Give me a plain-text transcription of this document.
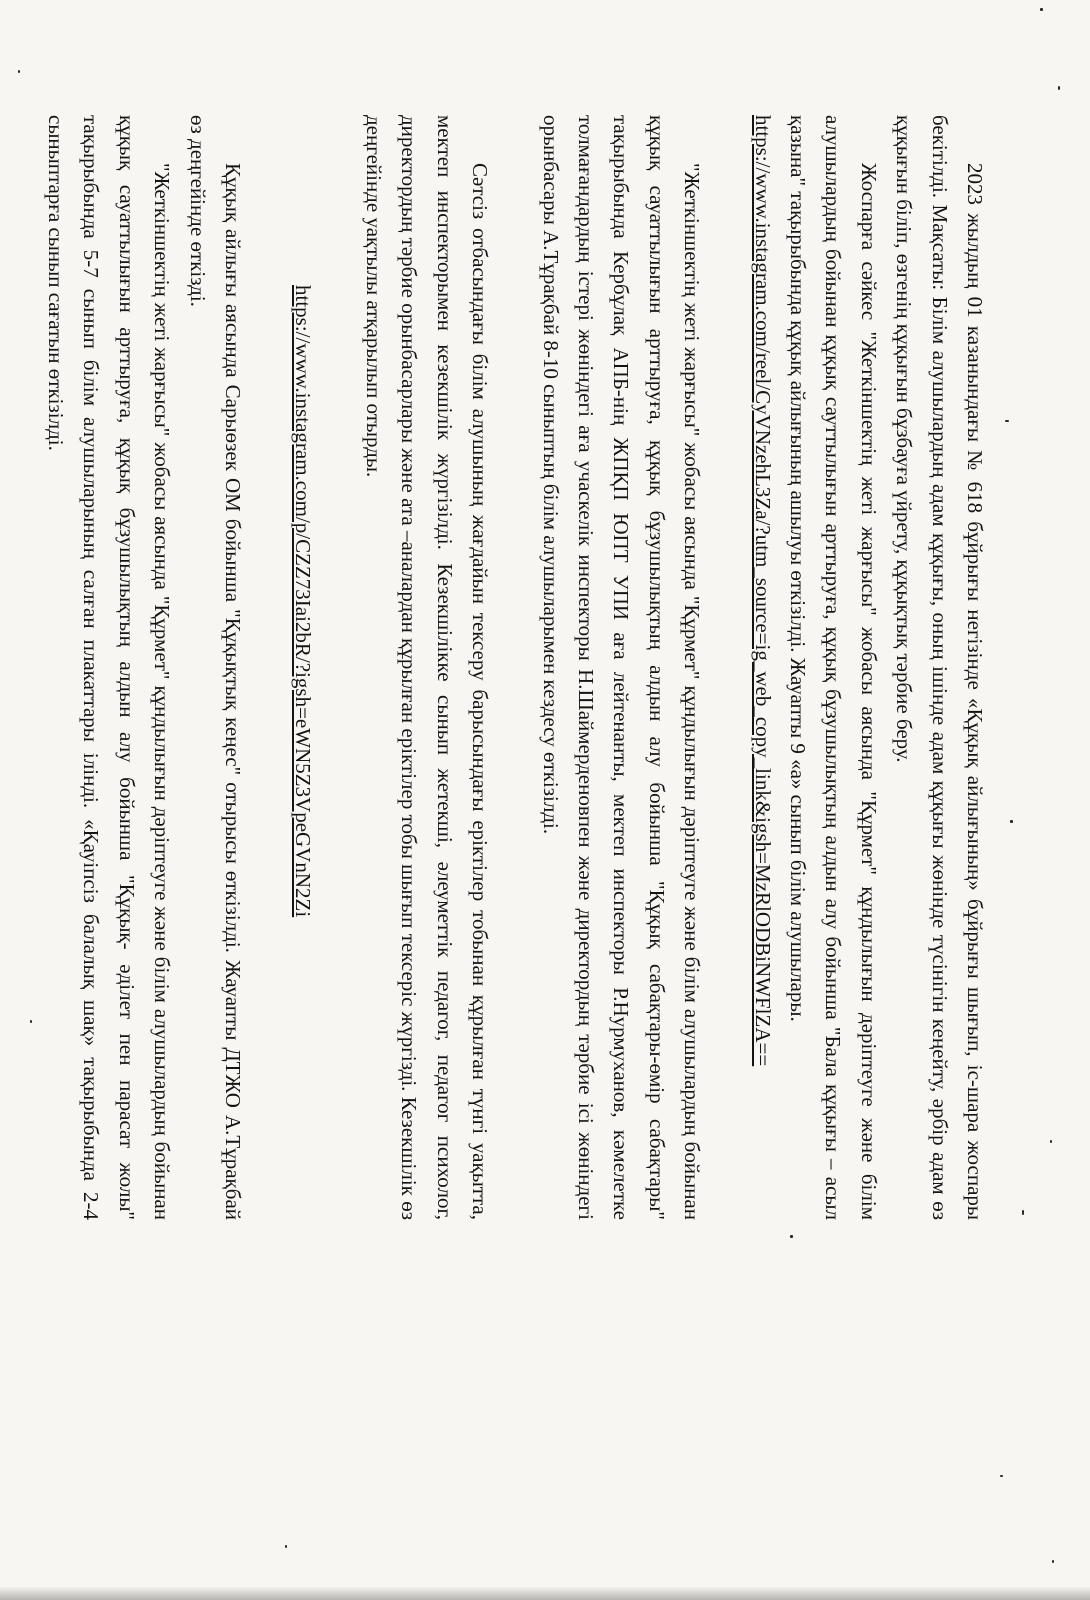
2023 жылдың 01 казанындағы № 618 бұйрығы негізінде «Құқық айлығының» бұйрығы шығып, іс-шара жоспары бекітілді. Мақсаты: Білім алушылардың адам құқығы, оның ішінде адам құқығы жөнінде түсінігін кеңейту, әрбір адам өз құқығын біліп, өзгенің құқығын бұзбауға үйрету, құқықтық тәрбие беру.

Жоспарға сәйкес "Жеткіншектің жеті жарғысы" жобасы аясында "Құрмет" құндылығын дәріптеуге және білім алушылардың бойынан құқық сауттылығын арттыруға, құқық бұзушылықтың алдын алу бойынша "Бала құқығы – асыл қазына" тақырыбында құқық айлығының ашылуы өткізілді. Жауапты 9 «а» сынып білім алушылары.

https://www.instagram.com/reel/CyVNzehL3Za/?utm_source=ig_web_copy_link&igsh=MzRlODBiNWFlZA==

"Жеткіншектің жеті жарғысы" жобасы аясында "Құрмет" құндылығын дәріптеуге және білім алушылардың бойынан құқық сауаттылығын арттыруға, құқық бұзушылықтың алдын алу бойынша "Құқық сабақтары-өмір сабақтары" тақырыбында Кербұлақ АПБ-нің ЖПҚП ЮПТ УПИ аға лейтенанты, мектеп инспекторы Р.Нурмуханов, кәмелетке толмағандардың істері жөніндегі аға учаскелік инспекторы Н.Шаймерденовпен және директордың тәрбие ісі жөніндегі орынбасары А.Тұрақбай 8-10 сыныптың білім алушыларымен кездесу өткізілді.

Сәтсіз отбасындағы білім алушының жағдайын тексеру барысындағы еріктілер тобынан құрылған түнгі уақытта, мектеп инспекторымен кезекшілік жүргізілді. Кезекшілікке сынып жетекші, әлеуметтік педагог, педагог психолог, директордың тәрбие орынбасарлары және ата –аналардан құрылған еріктілер тобы шығып тексеріс жүргізді. Кезекшілік өз деңгейінде уақтылы атқарылып отырды.

https://www.instagram.com/p/CZZ73Iai2bR/?igsh=eWN5Z3VpeGVnN2Zi

Құқық айлығы аясында Сарыөзек ОМ бойынша "Құқықтық кеңес" отырысы өткізілді. Жауапты ДТЖО А.Тұрақбай өз деңгейінде өткізді.

"Жеткіншектің жеті жарғысы" жобасы аясында "Құрмет" құндылығын дәріптеуге және білім алушылардың бойынан құқық сауаттылығын арттыруға, құқық бұзушылықтың алдын алу бойынша "Құқық- әділет пен парасат жолы" тақырыбында 5-7 сынып білім алушыларының салған плакаттары ілінді. «Қауіпсіз балалық шақ» тақырыбында 2-4 сыныптарға сынып сағатын өткізілді.
